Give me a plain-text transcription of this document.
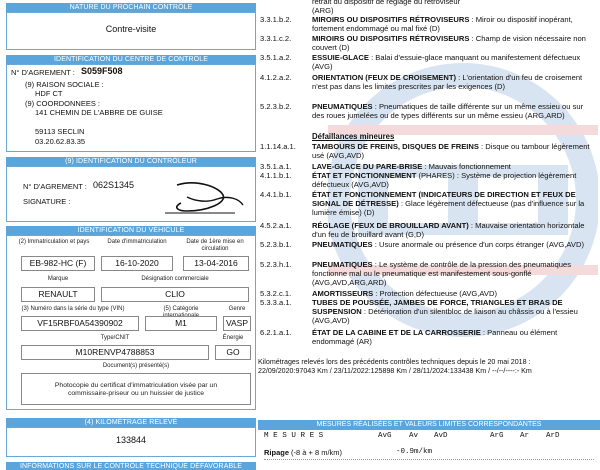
NATURE DU PROCHAIN CONTRÔLE
Contre-visite
IDENTIFICATION DU CENTRE DE CONTRÔLE
N° D'AGREMENT : S059F508
(9) RAISON SOCIALE :
HDF CT
(9) COORDONNEES :
141 CHEMIN DE L'ABBRE DE GUISE
59113 SECLIN
03.20.62.83.35
(9) IDENTIFICATION DU CONTRÔLEUR
N° D'AGREMENT : 062S1345
SIGNATURE :
IDENTIFICATION DU VÉHICULE
(2) Immatriculation et pays	Date d'immatriculation	Date de 1ère mise en circulation
EB-982-HC (F)	16-10-2020	13-04-2016
Marque	Désignation commerciale
RENAULT	CLIO
(3) Numéro dans la série du type (VIN)	(5) Catégorie	Genre
VF15RBF0A54390902	M1	VASP
Type/CNIT	Énergie
M10RENVP4788853	GO
Document(s) présenté(s)
Photocopie du certificat d'immatriculation visée par un
commissaire-priseur ou un huissier de justice
(4) KILOMÉTRAGE RELEVÉ
133844
INFORMATIONS SUR LE CONTRÔLE TECHNIQUE DÉFAVORABLE
retrait du dispositif de réglage du rétroviseur
(ARG)
3.3.1.b.2.	MIROIRS OU DISPOSITIFS RÉTROVISEURS : Miroir ou dispositif inopérant, fortement endommagé ou mal fixé (D)
3.3.1.c.2.	MIROIRS OU DISPOSITIFS RÉTROVISEURS : Champ de vision nécessaire non couvert (D)
3.5.1.a.2.	ESSUIE-GLACE : Balai d'essuie-glace manquant ou manifestement défectueux (AVG)
4.1.2.a.2.	ORIENTATION (FEUX DE CROISEMENT) : L'orientation d'un feu de croisement n'est pas dans les limites prescrites par les exigences (D)
5.2.3.b.2.	PNEUMATIQUES : Pneumatiques de taille différente sur un même essieu ou sur des roues jumelées ou de types différents sur un même essieu (ARG,ARD)
Défaillances mineures
1.1.14.a.1.	TAMBOURS DE FREINS, DISQUES DE FREINS : Disque ou tambour légèrement usé (AVG,AVD)
3.5.1.a.1.	LAVE-GLACE DU PARE-BRISE : Mauvais fonctionnement
4.1.1.b.1.	ÉTAT ET FONCTIONNEMENT (PHARES) : Système de projection légèrement défectueux (AVG,AVD)
4.4.1.b.1.	ÉTAT ET FONCTIONNEMENT (INDICATEURS DE DIRECTION ET FEUX DE SIGNAL DE DÉTRESSE) : Glace légèrement défectueuse (pas d'influence sur la lumière émise) (D)
4.5.2.a.1.	RÉGLAGE (FEUX DE BROUILLARD AVANT) : Mauvaise orientation horizontale d'un feu de brouillard avant (G,D)
5.2.3.b.1.	PNEUMATIQUES : Usure anormale ou présence d'un corps étranger (AVG,AVD)
5.2.3.h.1.	PNEUMATIQUES : Le système de contrôle de la pression des pneumatiques fonctionne mal ou le pneumatique est manifestement sous-gonflé (AVG,AVD,ARG,ARD)
5.3.2.c.1.	AMORTISSEURS : Protection défectueuse (AVG,AVD)
5.3.3.a.1.	TUBES DE POUSSÉE, JAMBES DE FORCE, TRIANGLES ET BRAS DE SUSPENSION : Détérioration d'un silentbloc de liaison au châssis ou à l'essieu (AVG,AVD)
6.2.1.a.1.	ÉTAT DE LA CABINE ET DE LA CARROSSERIE : Panneau ou élément endommagé (AR)
Kilométrages relevés lors des précédents contrôles techniques depuis le 20 mai 2018 :
22/09/2020:97043 Km / 23/11/2022:125898 Km / 28/11/2024:133438 Km / --/--/----:- Km
MESURES RÉALISÉES ET VALEURS LIMITES CORRESPONDANTES
M E S U R E S	AvG Av AvD	ArG Ar ArD
Ripage (-8 à + 8 m/km)	-0.9m/km
